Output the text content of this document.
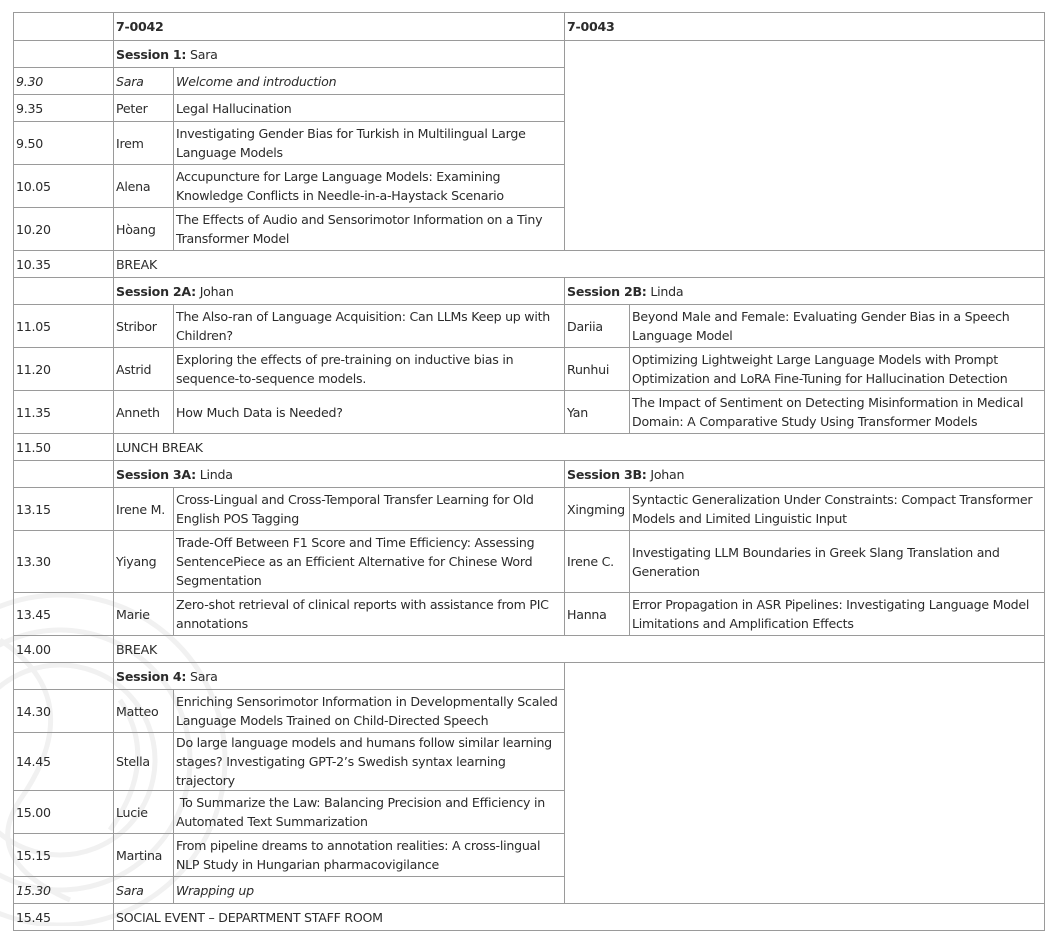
	7-0042		7-0043	
	Session 1: Sara			
9.30	Sara	Welcome and introduction		
9.35	Peter	Legal Hallucination		
9.50	Irem	Investigating Gender Bias for Turkish in Multilingual Large Language Models		
10.05	Alena	Accupuncture for Large Language Models: Examining Knowledge Conflicts in Needle-in-a-Haystack Scenario		
10.20	Hòang	The Effects of Audio and Sensorimotor Information on a Tiny Transformer Model		
10.35	BREAK			
	Session 2A: Johan		Session 2B: Linda	
11.05	Stribor	The Also-ran of Language Acquisition: Can LLMs Keep up with Children?	Dariia	Beyond Male and Female: Evaluating Gender Bias in a Speech Language Model
11.20	Astrid	Exploring the effects of pre-training on inductive bias in sequence-to-sequence models.	Runhui	Optimizing Lightweight Large Language Models with Prompt Optimization and LoRA Fine-Tuning for Hallucination Detection
11.35	Anneth	How Much Data is Needed?	Yan	The Impact of Sentiment on Detecting Misinformation in Medical Domain: A Comparative Study Using Transformer Models
11.50	LUNCH BREAK			
	Session 3A: Linda		Session 3B: Johan	
13.15	Irene M.	Cross-Lingual and Cross-Temporal Transfer Learning for Old English POS Tagging	Xingming	Syntactic Generalization Under Constraints: Compact Transformer Models and Limited Linguistic Input
13.30	Yiyang	Trade-Off Between F1 Score and Time Efficiency: Assessing SentencePiece as an Efficient Alternative for Chinese Word Segmentation	Irene C.	Investigating LLM Boundaries in Greek Slang Translation and Generation
13.45	Marie	Zero-shot retrieval of clinical reports with assistance from PIC annotations	Hanna	Error Propagation in ASR Pipelines: Investigating Language Model Limitations and Amplification Effects
14.00	BREAK			
	Session 4: Sara			
14.30	Matteo	Enriching Sensorimotor Information in Developmentally Scaled Language Models Trained on Child-Directed Speech		
14.45	Stella	Do large language models and humans follow similar learning stages? Investigating GPT-2’s Swedish syntax learning trajectory		
15.00	Lucie	To Summarize the Law: Balancing Precision and Efficiency in Automated Text Summarization		
15.15	Martina	From pipeline dreams to annotation realities: A cross-lingual NLP Study in Hungarian pharmacovigilance		
15.30	Sara	Wrapping up		
15.45	SOCIAL EVENT – DEPARTMENT STAFF ROOM			
